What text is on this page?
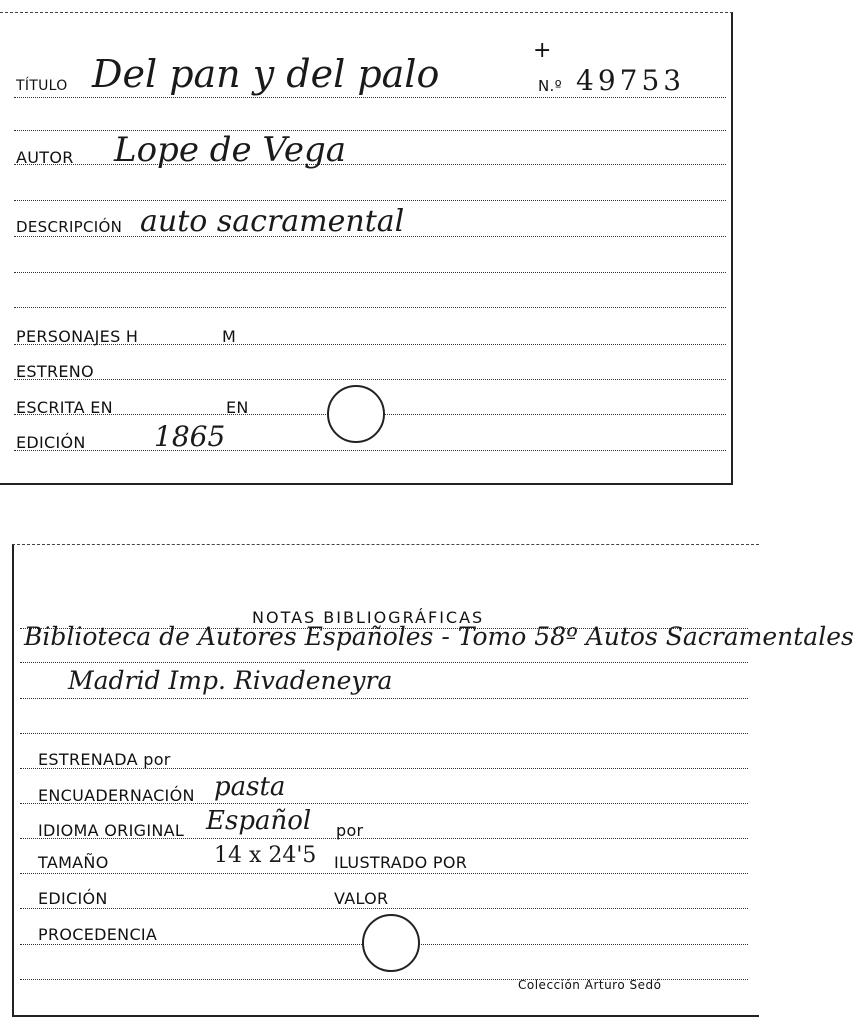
TÍTULO Del pan y del palo
+
N.º 49753
AUTOR Lope de Vega
DESCRIPCIÓN auto sacramental
PERSONAJES H	M
ESTRENO
ESCRITA EN	EN
EDICIÓN 1865
NOTAS BIBLIOGRÁFICAS
Biblioteca de Autores Españoles - Tomo 58º Autos Sacramentales
Madrid Imp. Rivadeneyra
ESTRENADA por
ENCUADERNACIÓN pasta
IDIOMA ORIGINAL Español por
TAMAÑO	14 x 24'5 ILUSTRADO POR
EDICIÓN	VALOR
PROCEDENCIA
Colección Arturo Sedó
